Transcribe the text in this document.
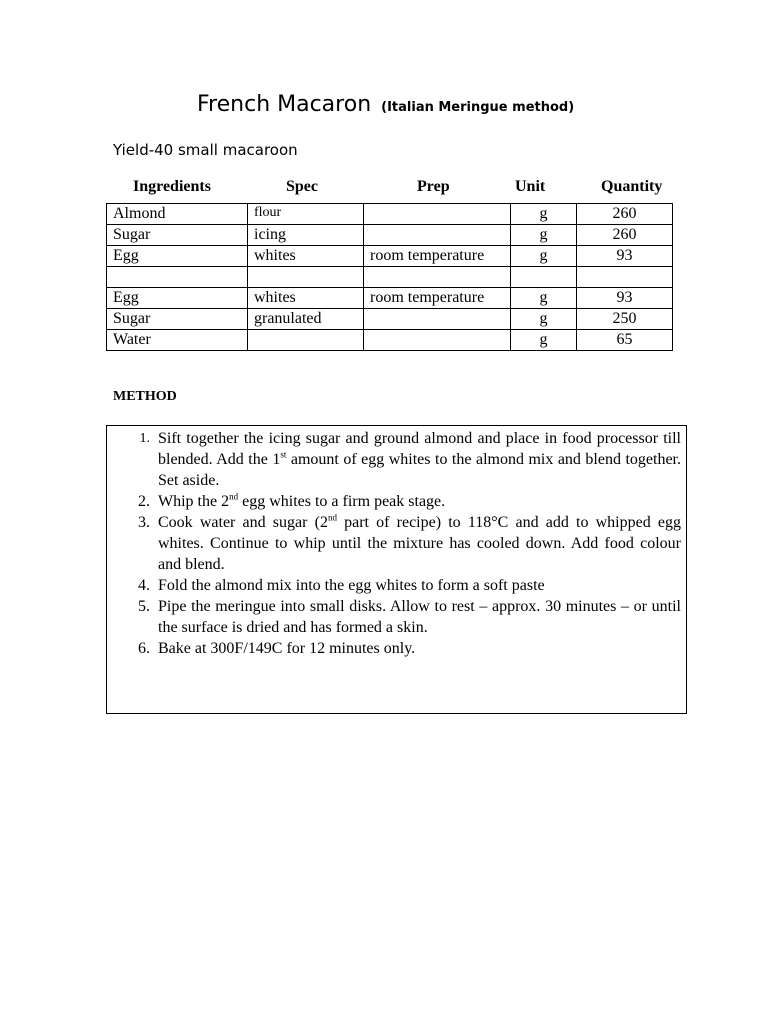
French Macaron (Italian Meringue method)
Yield-40 small macaroon
Ingredients	Spec	Prep	Unit	Quantity
Almond	flour		g	260
Sugar	icing		g	260
Egg	whites	room temperature	g	93

Egg	whites	room temperature	g	93
Sugar	granulated		g	250
Water			g	65
METHOD
1. Sift together the icing sugar and ground almond and place in food processor till blended. Add the 1st amount of egg whites to the almond mix and blend together. Set aside.
2. Whip the 2nd egg whites to a firm peak stage.
3. Cook water and sugar (2nd part of recipe) to 118°C and add to whipped egg whites. Continue to whip until the mixture has cooled down. Add food colour and blend.
4. Fold the almond mix into the egg whites to form a soft paste
5. Pipe the meringue into small disks. Allow to rest – approx. 30 minutes – or until the surface is dried and has formed a skin.
6. Bake at 300F/149C for 12 minutes only.
